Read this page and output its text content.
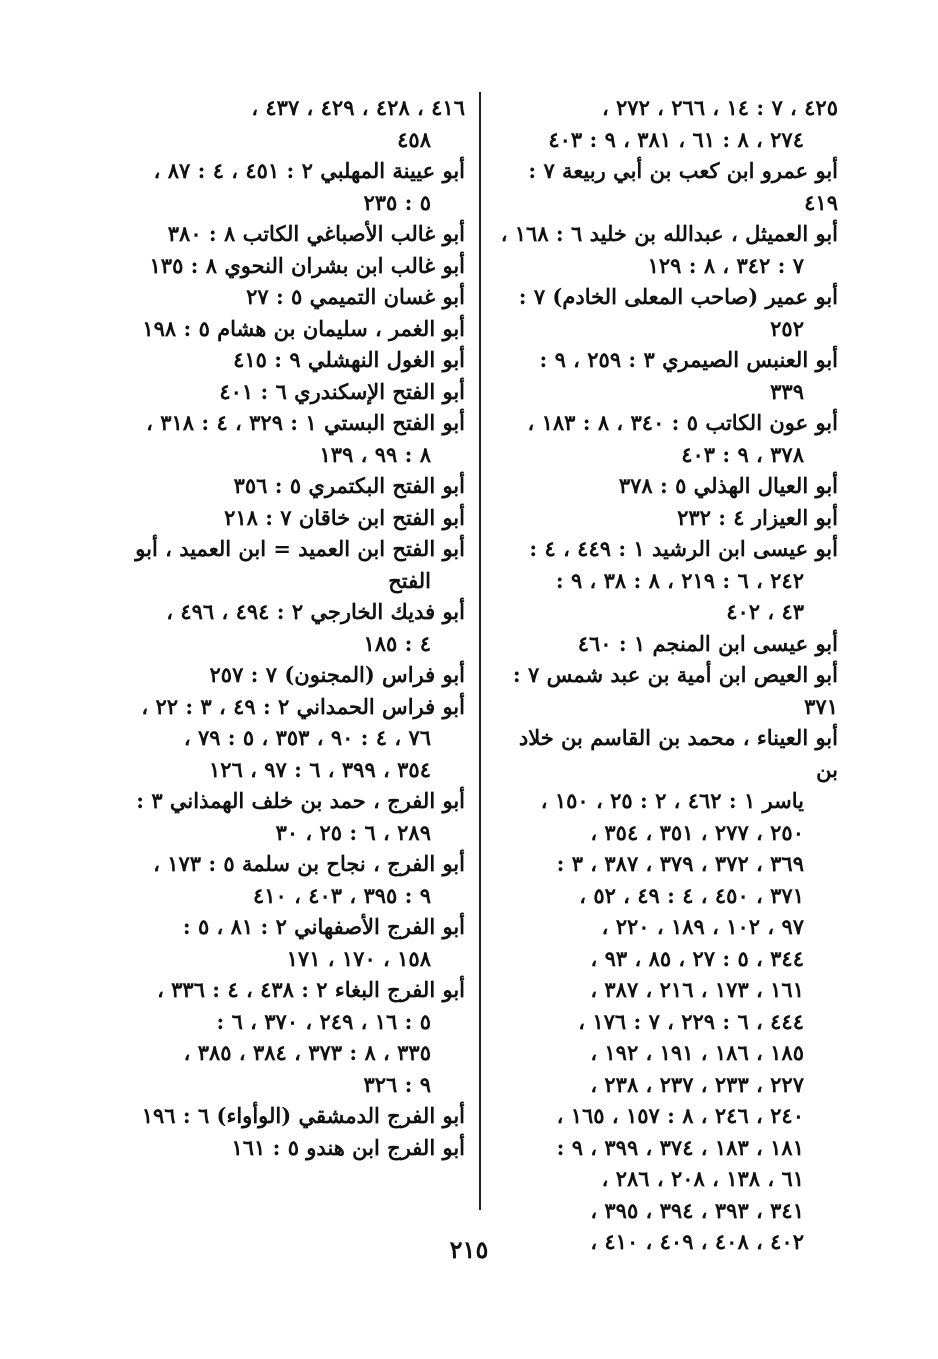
٤٢٥ ، ٧ : ١٤ ، ٢٦٦ ، ٢٧٢ ،
٢٧٤ ، ٨ : ٦١ ، ٣٨١ ، ٩ : ٤٠٣
أبو عمرو ابن كعب بن أبي ربيعة ٧ : ٤١٩
أبو العميثل ، عبدالله بن خليد ٦ : ١٦٨ ،
٧ : ٣٤٢ ، ٨ : ١٢٩
أبو عمير (صاحب المعلى الخادم) ٧ :
٢٥٢
أبو العنبس الصيمري ٣ : ٢٥٩ ، ٩ :
٣٣٩
أبو عون الكاتب ٥ : ٣٤٠ ، ٨ : ١٨٣ ،
٣٧٨ ، ٩ : ٤٠٣
أبو العيال الهذلي ٥ : ٣٧٨
أبو العيزار ٤ : ٢٣٢
أبو عيسى ابن الرشيد ١ : ٤٤٩ ، ٤ :
٢٤٢ ، ٦ : ٢١٩ ، ٨ : ٣٨ ، ٩ :
٤٣ ، ٤٠٢
أبو عيسى ابن المنجم ١ : ٤٦٠
أبو العيص ابن أمية بن عبد شمس ٧ : ٣٧١
أبو العيناء ، محمد بن القاسم بن خلاد بن
ياسر ١ : ٤٦٢ ، ٢ : ٢٥ ، ١٥٠ ،
٢٥٠ ، ٢٧٧ ، ٣٥١ ، ٣٥٤ ،
٣٦٩ ، ٣٧٢ ، ٣٧٩ ، ٣٨٧ ، ٣ :
٣٧١ ، ٤٥٠ ، ٤ : ٤٩ ، ٥٢ ،
٩٧ ، ١٠٢ ، ١٨٩ ، ٢٢٠ ،
٣٤٤ ، ٥ : ٢٧ ، ٨٥ ، ٩٣ ،
١٦١ ، ١٧٣ ، ٢١٦ ، ٣٨٧ ،
٤٤٤ ، ٦ : ٢٢٩ ، ٧ : ١٧٦ ،
١٨٥ ، ١٨٦ ، ١٩١ ، ١٩٢ ،
٢٢٧ ، ٢٣٣ ، ٢٣٧ ، ٢٣٨ ،
٢٤٠ ، ٢٤٦ ، ٨ : ١٥٧ ، ١٦٥ ،
١٨١ ، ١٨٣ ، ٣٧٤ ، ٣٩٩ ، ٩ :
٦١ ، ١٣٨ ، ٢٠٨ ، ٢٨٦ ،
٣٤١ ، ٣٩٣ ، ٣٩٤ ، ٣٩٥ ،
٤٠٢ ، ٤٠٨ ، ٤٠٩ ، ٤١٠ ،
٤١٦ ، ٤٢٨ ، ٤٢٩ ، ٤٣٧ ،
٤٥٨
أبو عيينة المهلبي ٢ : ٤٥١ ، ٤ : ٨٧ ،
٥ : ٢٣٥
أبو غالب الأصباغي الكاتب ٨ : ٣٨٠
أبو غالب ابن بشران النحوي ٨ : ١٣٥
أبو غسان التميمي ٥ : ٢٧
أبو الغمر ، سليمان بن هشام ٥ : ١٩٨
أبو الغول النهشلي ٩ : ٤١٥
أبو الفتح الإسكندري ٦ : ٤٠١
أبو الفتح البستي ١ : ٣٢٩ ، ٤ : ٣١٨ ،
٨ : ٩٩ ، ١٣٩
أبو الفتح البكتمري ٥ : ٣٥٦
أبو الفتح ابن خاقان ٧ : ٢١٨
أبو الفتح ابن العميد = ابن العميد ، أبو
الفتح
أبو فديك الخارجي ٢ : ٤٩٤ ، ٤٩٦ ،
٤ : ١٨٥
أبو فراس (المجنون) ٧ : ٢٥٧
أبو فراس الحمداني ٢ : ٤٩ ، ٣ : ٢٢ ،
٧٦ ، ٤ : ٩٠ ، ٣٥٣ ، ٥ : ٧٩ ،
٣٥٤ ، ٣٩٩ ، ٦ : ٩٧ ، ١٢٦
أبو الفرج ، حمد بن خلف الهمذاني ٣ :
٢٨٩ ، ٦ : ٢٥ ، ٣٠
أبو الفرج ، نجاح بن سلمة ٥ : ١٧٣ ،
٩ : ٣٩٥ ، ٤٠٣ ، ٤١٠
أبو الفرج الأصفهاني ٢ : ٨١ ، ٥ :
١٥٨ ، ١٧٠ ، ١٧١
أبو الفرج البغاء ٢ : ٤٣٨ ، ٤ : ٣٣٦ ،
٥ : ١٦ ، ٢٤٩ ، ٣٧٠ ، ٦ :
٣٣٥ ، ٨ : ٣٧٣ ، ٣٨٤ ، ٣٨٥ ،
٩ : ٣٢٦
أبو الفرج الدمشقي (الوأواء) ٦ : ١٩٦
أبو الفرج ابن هندو ٥ : ١٦١
٢١٥
